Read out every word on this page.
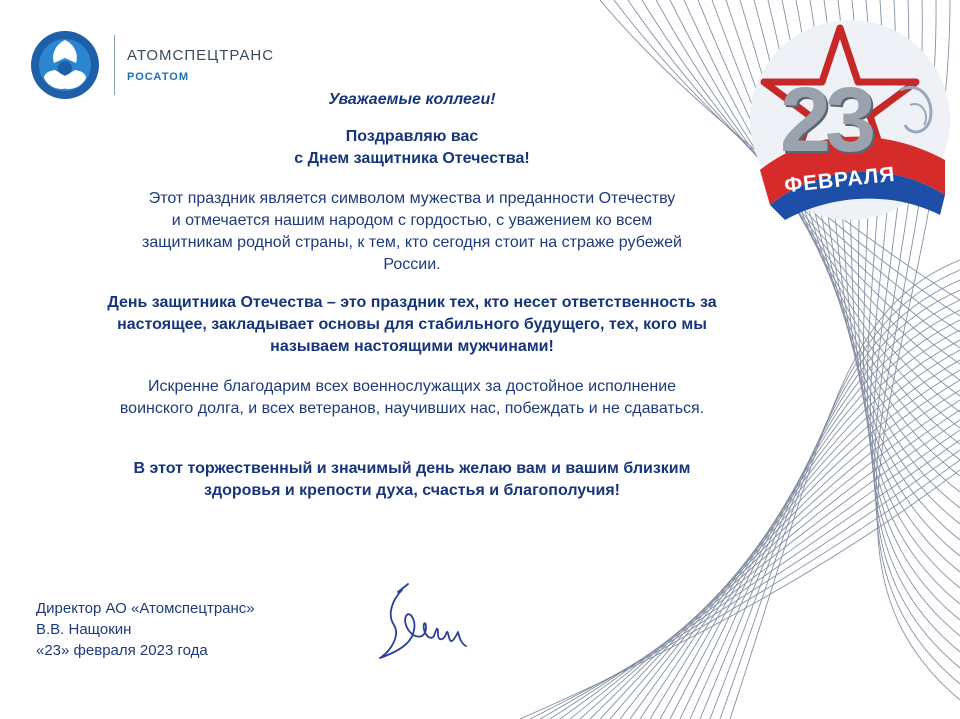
АТОМСПЕЦТРАНС
РОСАТОМ	23
ФЕВРАЛЯ

Уважаемые коллеги!

Поздравляю вас
с Днем защитника Отечества!
Этот праздник является символом мужества и преданности Отечеству
и отмечается нашим народом с гордостью, с уважением ко всем
защитникам родной страны, к тем, кто сегодня стоит на страже рубежей
России.
День защитника Отечества – это праздник тех, кто несет ответственность за
настоящее, закладывает основы для стабильного будущего, тех, кого мы
называем настоящими мужчинами!
Искренне благодарим всех военнослужащих за достойное исполнение
воинского долга, и всех ветеранов, научивших нас, побеждать и не сдаваться.
В этот торжественный и значимый день желаю вам и вашим близким
здоровья и крепости духа, счастья и благополучия!
Директор АО «Атомспецтранс»
В.В. Нащокин
«23» февраля 2023 года
